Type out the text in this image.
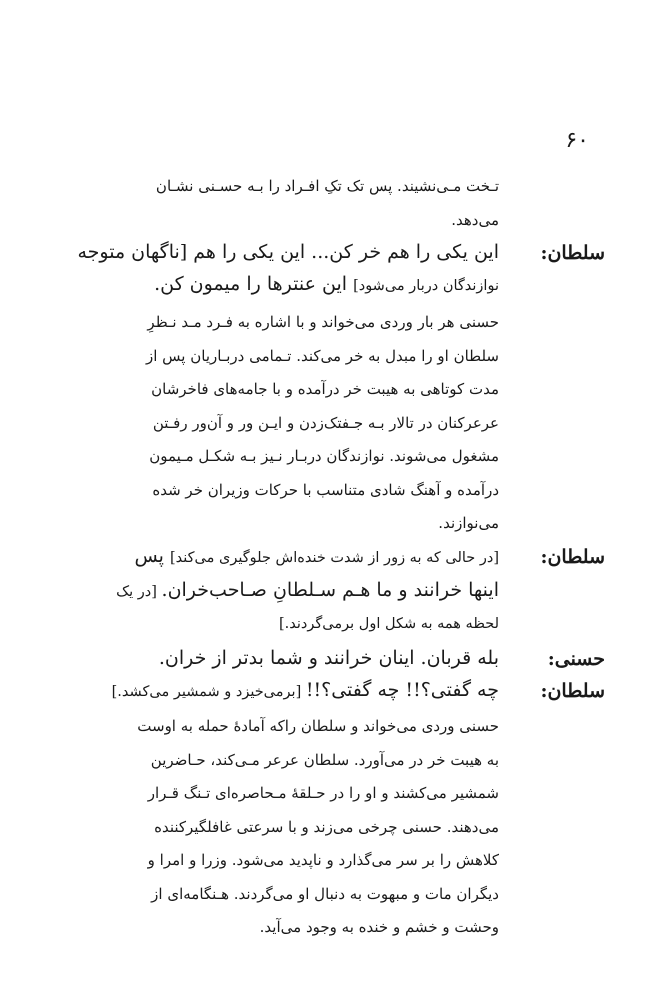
۶۰
تـخت مـی‌نشیند. پس تک تکِ افـراد را بـه حسـنی نشـان
می‌دهد.
سلطان:
این یکی را هم خر کن... این یکی را هم [ناگهان متوجه
نوازندگان دربار می‌شود] این عنترها را میمون کن.
حسنی هر بار وردی می‌خواند و با اشاره به فـرد مـد نـظرِ
سلطان او را مبدل به خر می‌کند. تـمامی دربـاریان پس از
مدت کوتاهی به هیبت خر درآمده و با جامه‌های فاخرشان
عرعرکنان در تالار بـه جـفتک‌زدن و ایـن ور و آن‌ور رفـتن
مشغول می‌شوند. نوازندگان دربـار نـیز بـه شکـل مـیمون
درآمده و آهنگ شادی متناسب با حرکات وزیران خر شده
می‌نوازند.
سلطان:
[در حالی که به زور از شدت خنده‌اش جلوگیری می‌کند] پس
اینها خرانند و ما هـم سـلطانِ صـاحب‌خران. [در یک
لحظه همه به شکل اول برمی‌گردند.]
حسنی:
بله قربان. اینان خرانند و شما بدتر از خران.
سلطان:
چه گفتی؟!! چه گفتی؟!! [برمی‌خیزد و شمشیر می‌کشد.]
حسنی وردی می‌خواند و سلطان راکه آمادهٔ حمله به اوست
به هیبت خر در می‌آورد. سلطان عرعر مـی‌کند، حـاضرین
شمشیر می‌کشند و او را در حـلقهٔ مـحاصره‌ای تـنگ قـرار
می‌دهند. حسنی چرخی می‌زند و با سرعتی غافلگیرکننده
کلاهش را بر سر می‌گذارد و ناپدید می‌شود. وزرا و امرا و
دیگران مات و مبهوت به دنبال او می‌گردند. هـنگامه‌ای از
وحشت و خشم و خنده به وجود می‌آید.
